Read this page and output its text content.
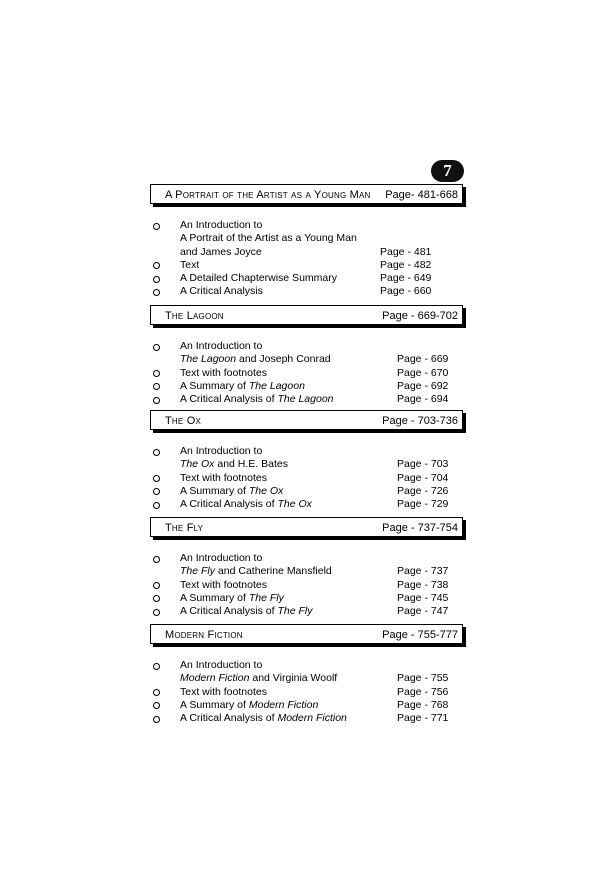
7
A Portrait of the Artist as a Young Man Page- 481-668
An Introduction to
A Portrait of the Artist as a Young Man
and James Joyce	Page - 481
Text	Page - 482
A Detailed Chapterwise Summary	Page - 649
A Critical Analysis	Page - 660
The Lagoon	Page - 669-702
An Introduction to
The Lagoon and Joseph Conrad	Page - 669
Text with footnotes	Page - 670
A Summary of The Lagoon	Page - 692
A Critical Analysis of The Lagoon	Page - 694
The Ox	Page - 703-736
An Introduction to
The Ox and H.E. Bates	Page - 703
Text with footnotes	Page - 704
A Summary of The Ox	Page - 726
A Critical Analysis of The Ox	Page - 729
The Fly	Page - 737-754
An Introduction to
The Fly and Catherine Mansfield	Page - 737
Text with footnotes	Page - 738
A Summary of The Fly	Page - 745
A Critical Analysis of The Fly	Page - 747
Modern Fiction	Page - 755-777
An Introduction to
Modern Fiction and Virginia Woolf	Page - 755
Text with footnotes	Page - 756
A Summary of Modern Fiction	Page - 768
A Critical Analysis of Modern Fiction	Page - 771
